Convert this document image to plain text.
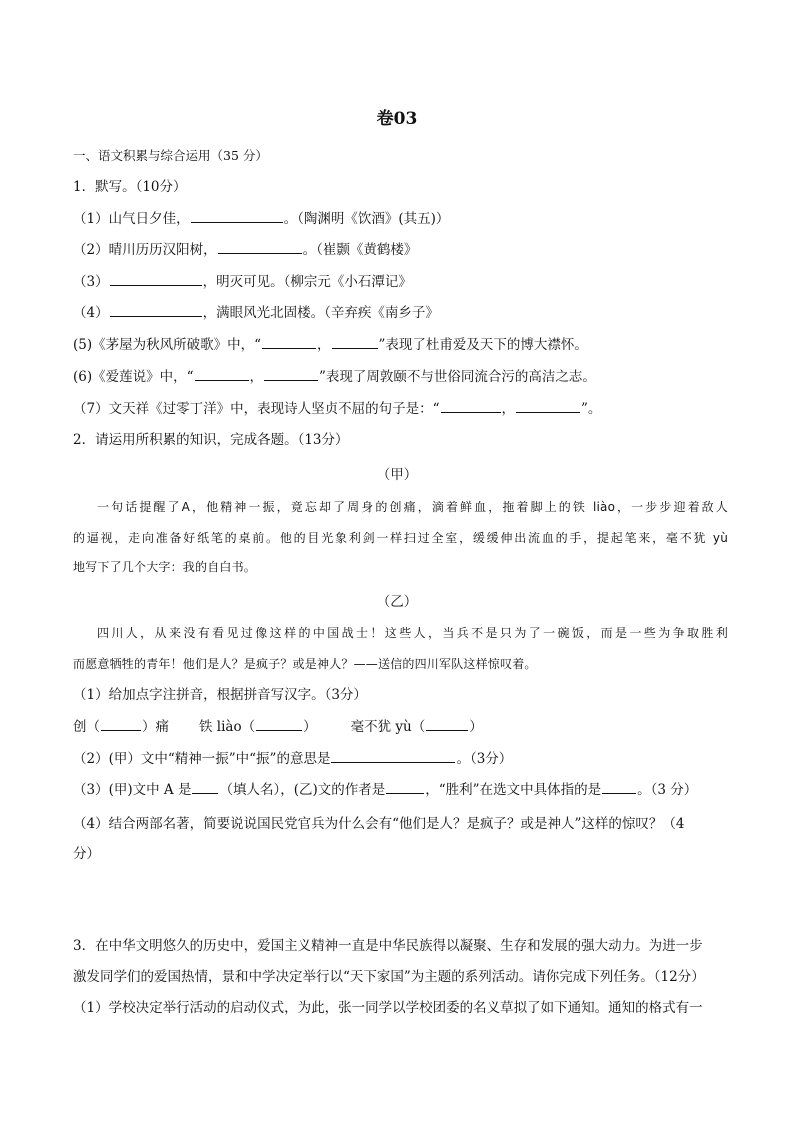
卷03
一、语文积累与综合运用（35 分）
1．默写。（10分）
（1）山气日夕佳，	。（陶渊明《饮酒》(其五)）
（2）晴川历历汉阳树，	。（崔颢《黄鹤楼》
（3）	，明灭可见。（柳宗元《小石潭记》
（4）	，满眼风光北固楼。（辛弃疾《南乡子》
(5)《茅屋为秋风所破歌》中，“	，	”表现了杜甫爱及天下的博大襟怀。
(6)《爱莲说》中，“	，	”表现了周敦颐不与世俗同流合污的高洁之志。
（7）文天祥《过零丁洋》中，表现诗人坚贞不屈的句子是：“	，	”。
2．请运用所积累的知识，完成各题。（13分）
（甲）
一句话提醒了A，他精神一振，竟忘却了周身的创痛，滴着鲜血，拖着脚上的铁 liào，一步步迎着敌人
的逼视，走向准备好纸笔的桌前。他的目光象利剑一样扫过全室，缓缓伸出流血的手，提起笔来，毫不犹 yù
地写下了几个大字：我的自白书。
（乙）
四川人，从来没有看见过像这样的中国战士！这些人，当兵不是只为了一碗饭，而是一些为争取胜利
而愿意牺牲的青年！他们是人？是疯子？或是神人？——送信的四川军队这样惊叹着。
（1）给加点字注拼音，根据拼音写汉字。（3分）
创（	）痛 铁 liào（	）	毫不犹 yù（	）
（2）(甲）文中“精神一振”中“振”的意思是	。（3分）
（3）(甲)文中 A 是 （填人名），(乙)文的作者是	，“胜利”在选文中具体指的是	。（3 分）
（4）结合两部名著，简要说说国民党官兵为什么会有“他们是人？是疯子？或是神人”这样的惊叹？（4
分）
3．在中华文明悠久的历史中，爱国主义精神一直是中华民族得以凝聚、生存和发展的强大动力。为进一步
激发同学们的爱国热情，景和中学决定举行以“天下家国”为主题的系列活动。请你完成下列任务。（12分）
（1）学校决定举行活动的启动仪式，为此，张一同学以学校团委的名义草拟了如下通知。通知的格式有一
